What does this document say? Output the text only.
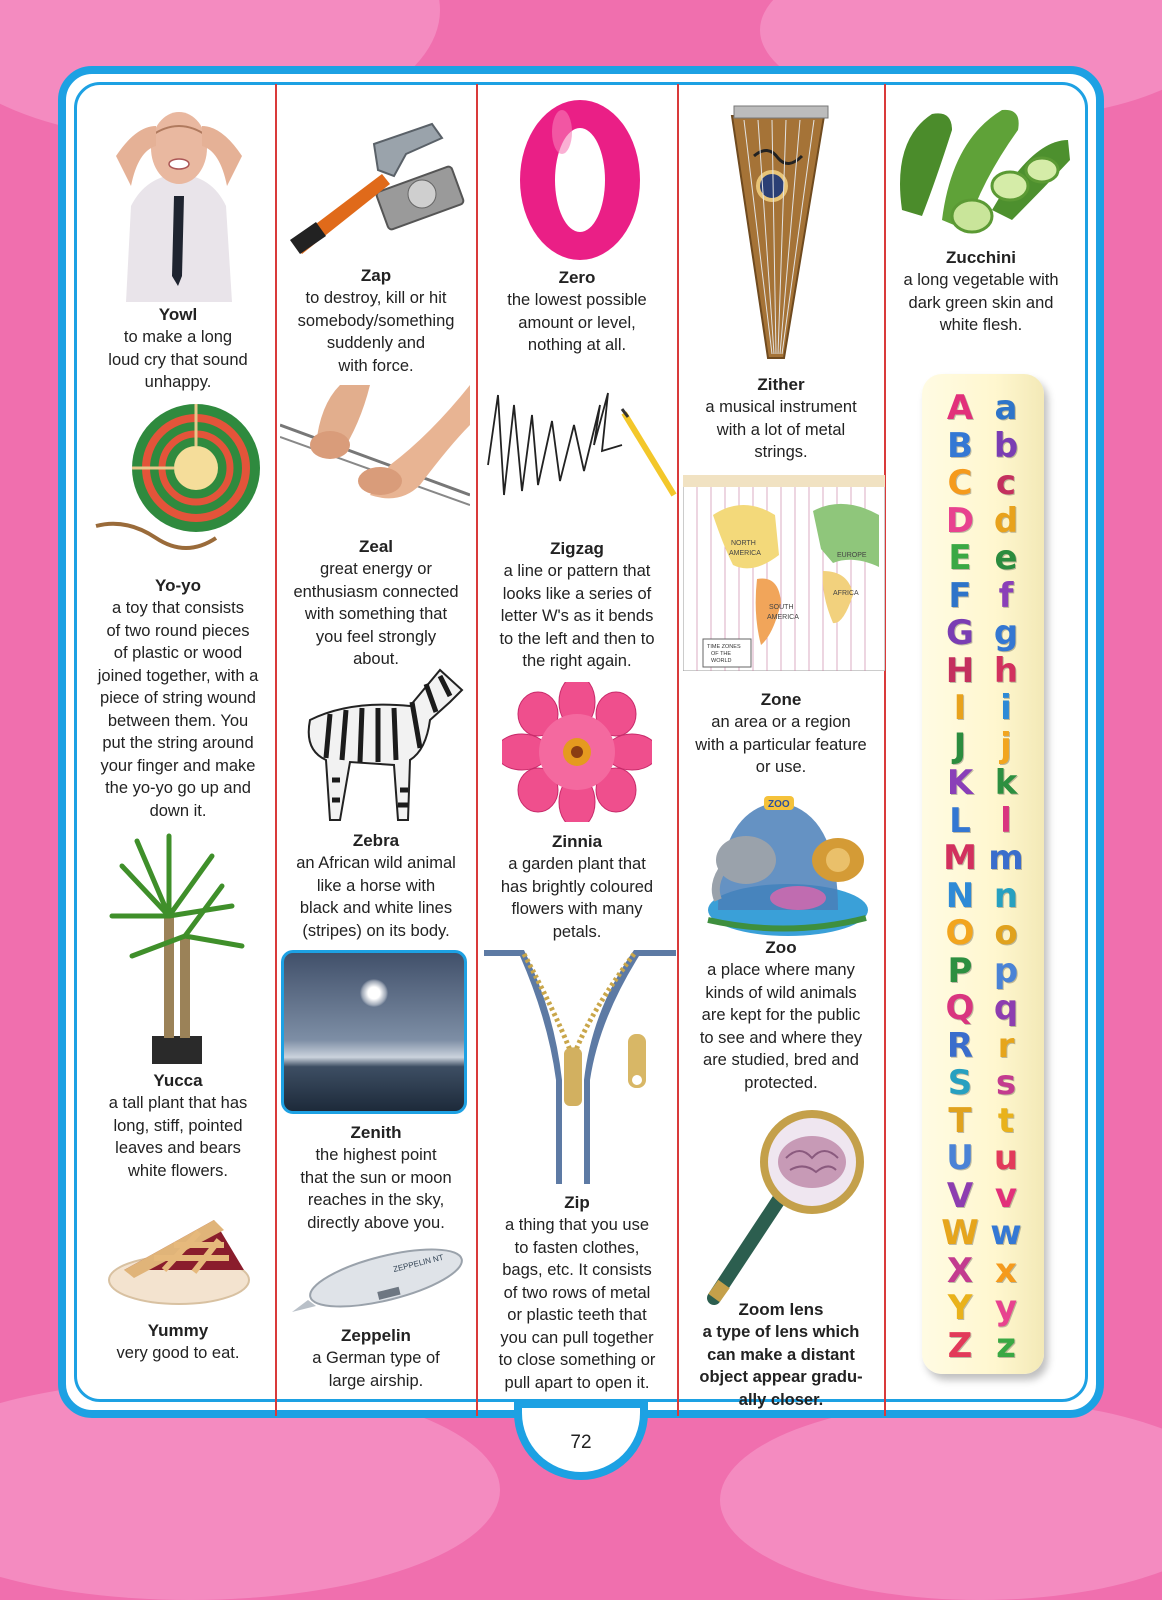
Yowl
to make a long
loud cry that sound
unhappy.
Yo-yo
a toy that consists
of two round pieces
of plastic or wood
joined together, with a
piece of string wound
between them. You
put the string around
your finger and make
the yo-yo go up and
down it.
Yucca
a tall plant that has
long, stiff, pointed
leaves and bears
white flowers.
Yummy
very good to eat.
Zap
to destroy, kill or hit
somebody/something
suddenly and
with force.
Zeal
great energy or
enthusiasm connected
with something that
you feel strongly
about.
Zebra
an African wild animal
like a horse with
black and white lines
(stripes) on its body.
Zenith
the highest point
that the sun or moon
reaches in the sky,
directly above you.
ZEPPELIN NT
Zeppelin
a German type of
large airship.
Zero
the lowest possible
amount or level,
nothing at all.
Zigzag
a line or pattern that
looks like a series of
letter W's as it bends
to the left and then to
the right again.
Zinnia
a garden plant that
has brightly coloured
flowers with many
petals.
Zip
a thing that you use
to fasten clothes,
bags, etc. It consists
of two rows of metal
or plastic teeth that
you can pull together
to close something or
pull apart to open it.
Zither
a musical instrument
with a lot of metal
strings.
NORTH
AMERICA	EUROPE
AFRICA
SOUTH
AMERICA
TIME ZONES
OF THE
WORLD
Zone
an area or a region
with a particular feature
or use.
ZOO
Zoo
a place where many
kinds of wild animals
are kept for the public
to see and where they
are studied, bred and
protected.
Zoom lens
a type of lens which
can make a distant
object appear gradu-
ally closer.
Zucchini
a long vegetable with
dark green skin and
white flesh.
A a
B b
C c
D d
E e
F f
G g
H h
I i
J j
K k
L l
M m
N n
O o
P p
Q q
R r
S s
T t
U u
V v
W w
X x
Y y
Z z
72
